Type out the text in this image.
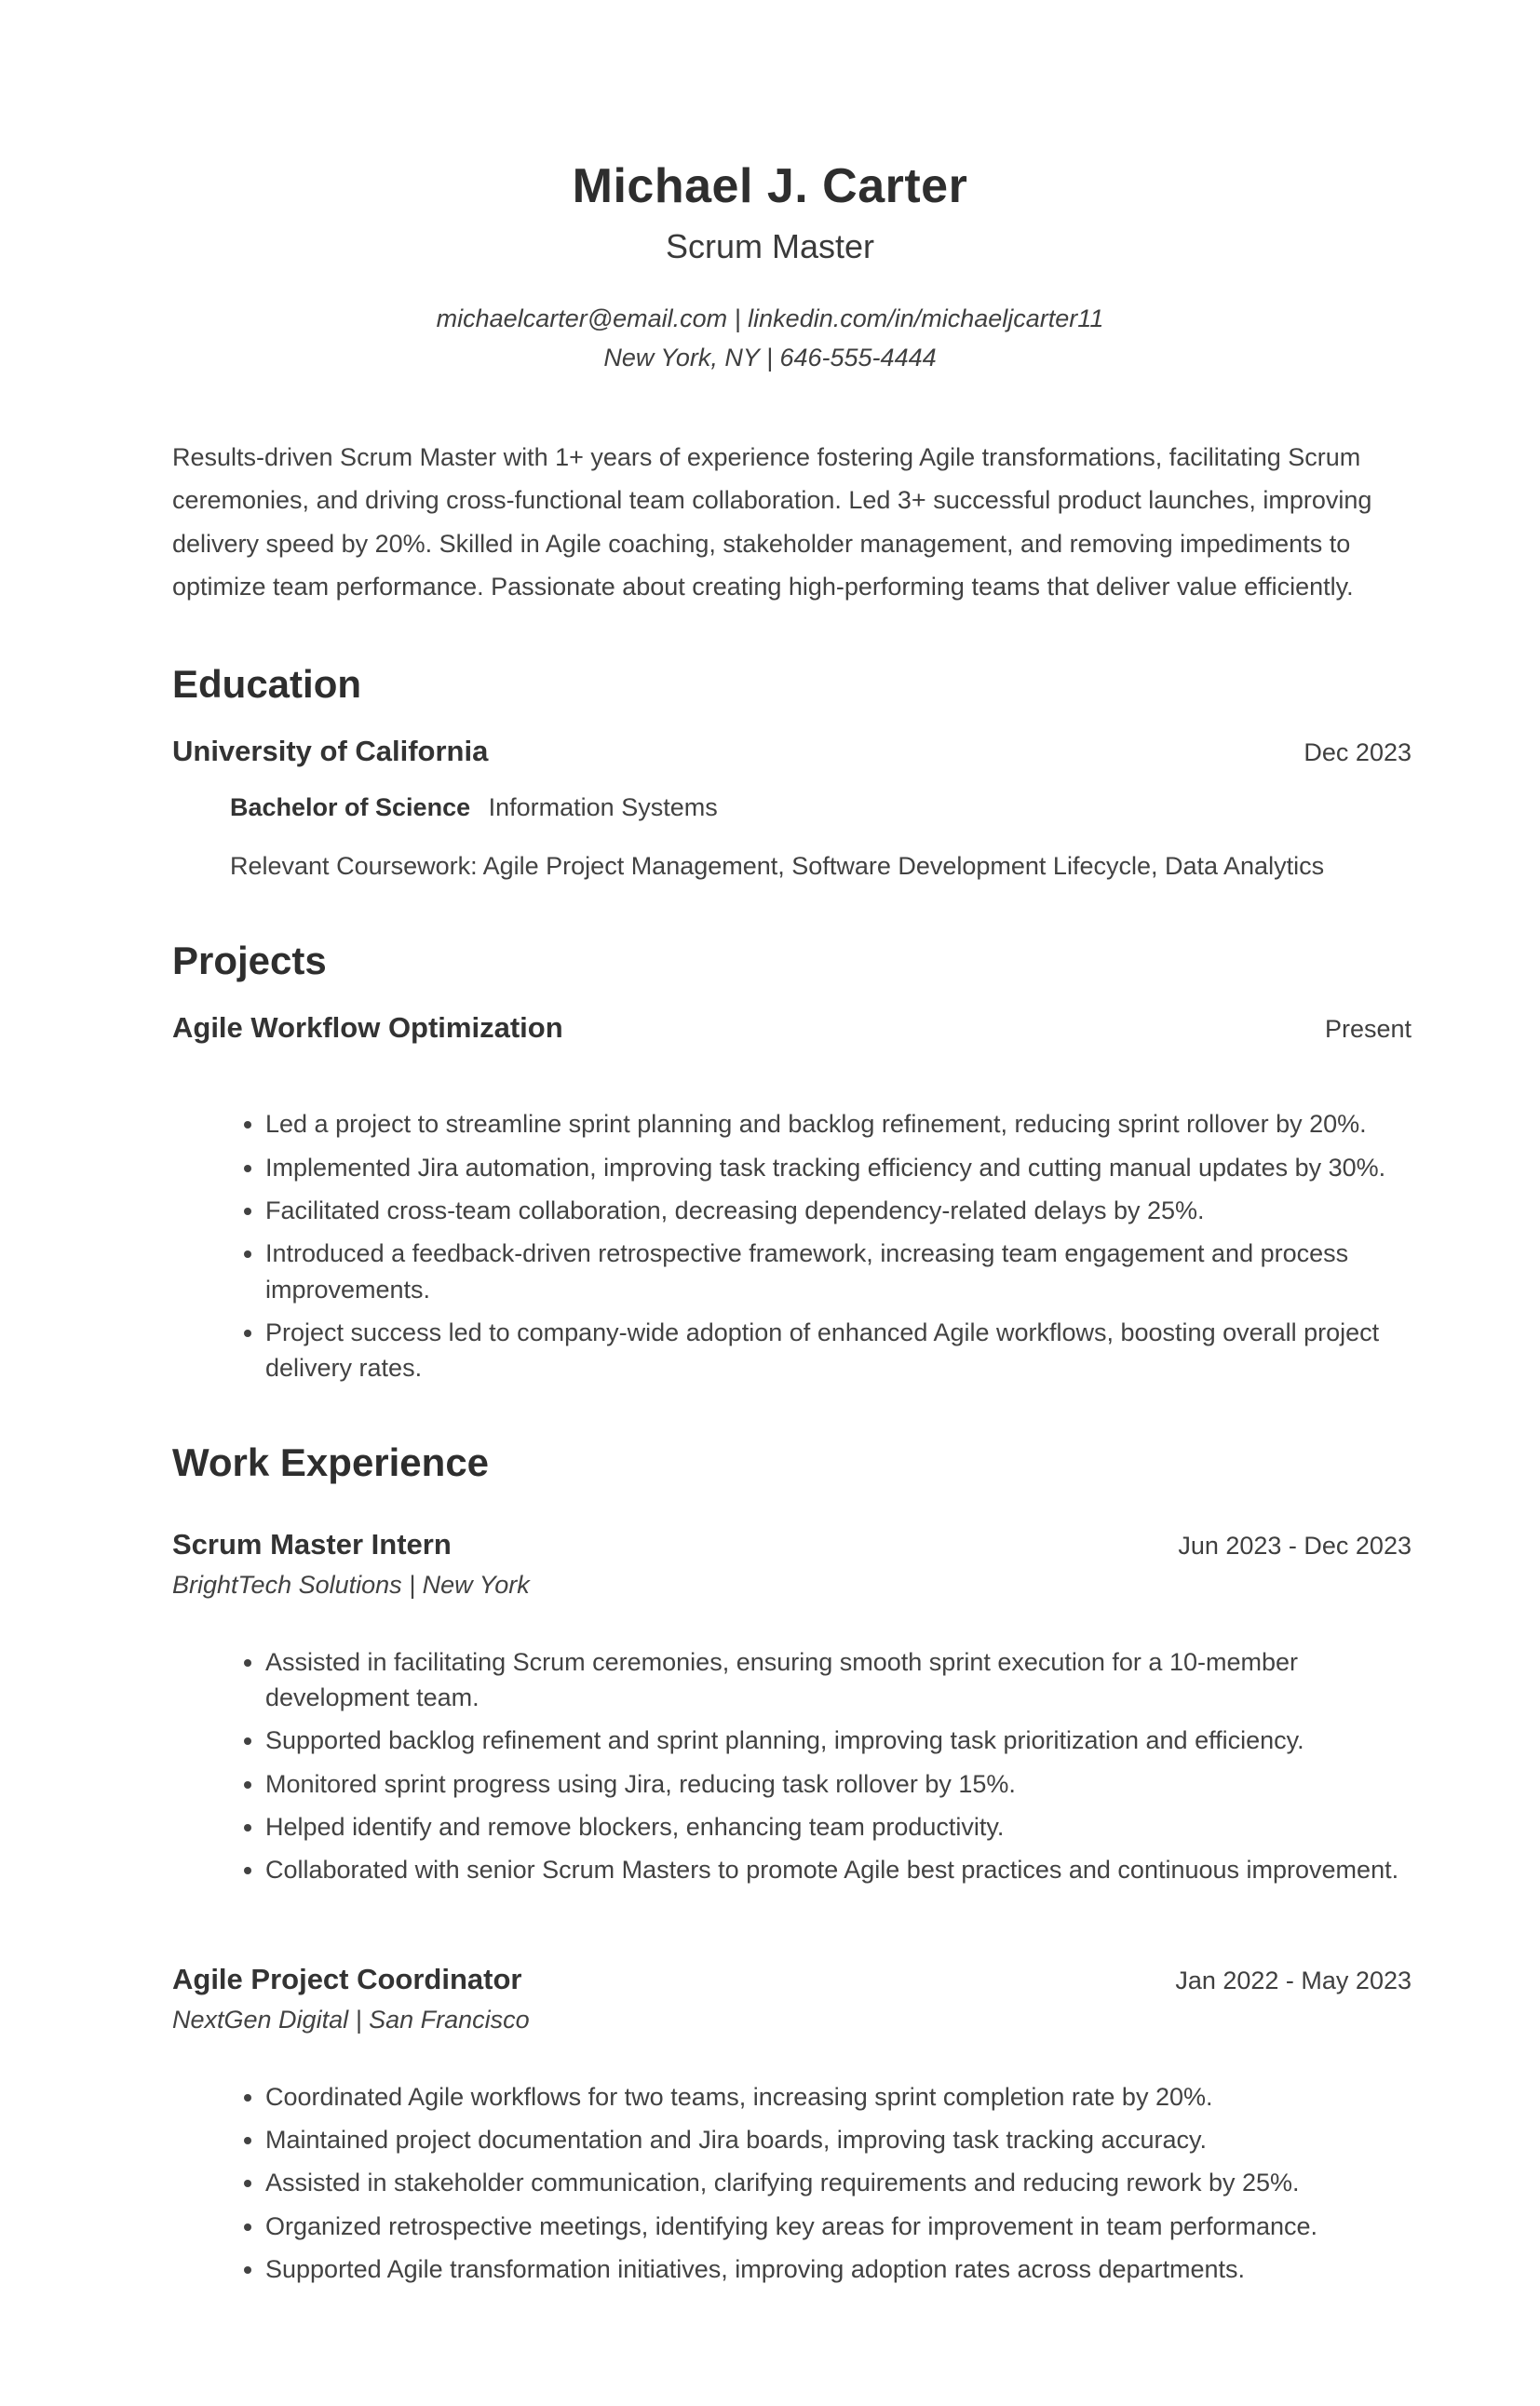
Michael J. Carter
Scrum Master
michaelcarter@email.com | linkedin.com/in/michaeljcarter11
New York, NY | 646-555-4444

Results-driven Scrum Master with 1+ years of experience fostering Agile transformations, facilitating Scrum ceremonies, and driving cross-functional team collaboration. Led 3+ successful product launches, improving delivery speed by 20%. Skilled in Agile coaching, stakeholder management, and removing impediments to optimize team performance. Passionate about creating high-performing teams that deliver value efficiently.

Education
University of California	Dec 2023
Bachelor of Science Information Systems
Relevant Coursework: Agile Project Management, Software Development Lifecycle, Data Analytics
Projects
Agile Workflow Optimization	Present
• Led a project to streamline sprint planning and backlog refinement, reducing sprint rollover by 20%.
• Implemented Jira automation, improving task tracking efficiency and cutting manual updates by 30%.
• Facilitated cross-team collaboration, decreasing dependency-related delays by 25%.
• Introduced a feedback-driven retrospective framework, increasing team engagement and process improvements.
• Project success led to company-wide adoption of enhanced Agile workflows, boosting overall project delivery rates.
Work Experience
Scrum Master Intern	Jun 2023 - Dec 2023
BrightTech Solutions | New York
• Assisted in facilitating Scrum ceremonies, ensuring smooth sprint execution for a 10-member development team.
• Supported backlog refinement and sprint planning, improving task prioritization and efficiency.
• Monitored sprint progress using Jira, reducing task rollover by 15%.
• Helped identify and remove blockers, enhancing team productivity.
• Collaborated with senior Scrum Masters to promote Agile best practices and continuous improvement.
Agile Project Coordinator	Jan 2022 - May 2023
NextGen Digital | San Francisco
• Coordinated Agile workflows for two teams, increasing sprint completion rate by 20%.
• Maintained project documentation and Jira boards, improving task tracking accuracy.
• Assisted in stakeholder communication, clarifying requirements and reducing rework by 25%.
• Organized retrospective meetings, identifying key areas for improvement in team performance.
• Supported Agile transformation initiatives, improving adoption rates across departments.
